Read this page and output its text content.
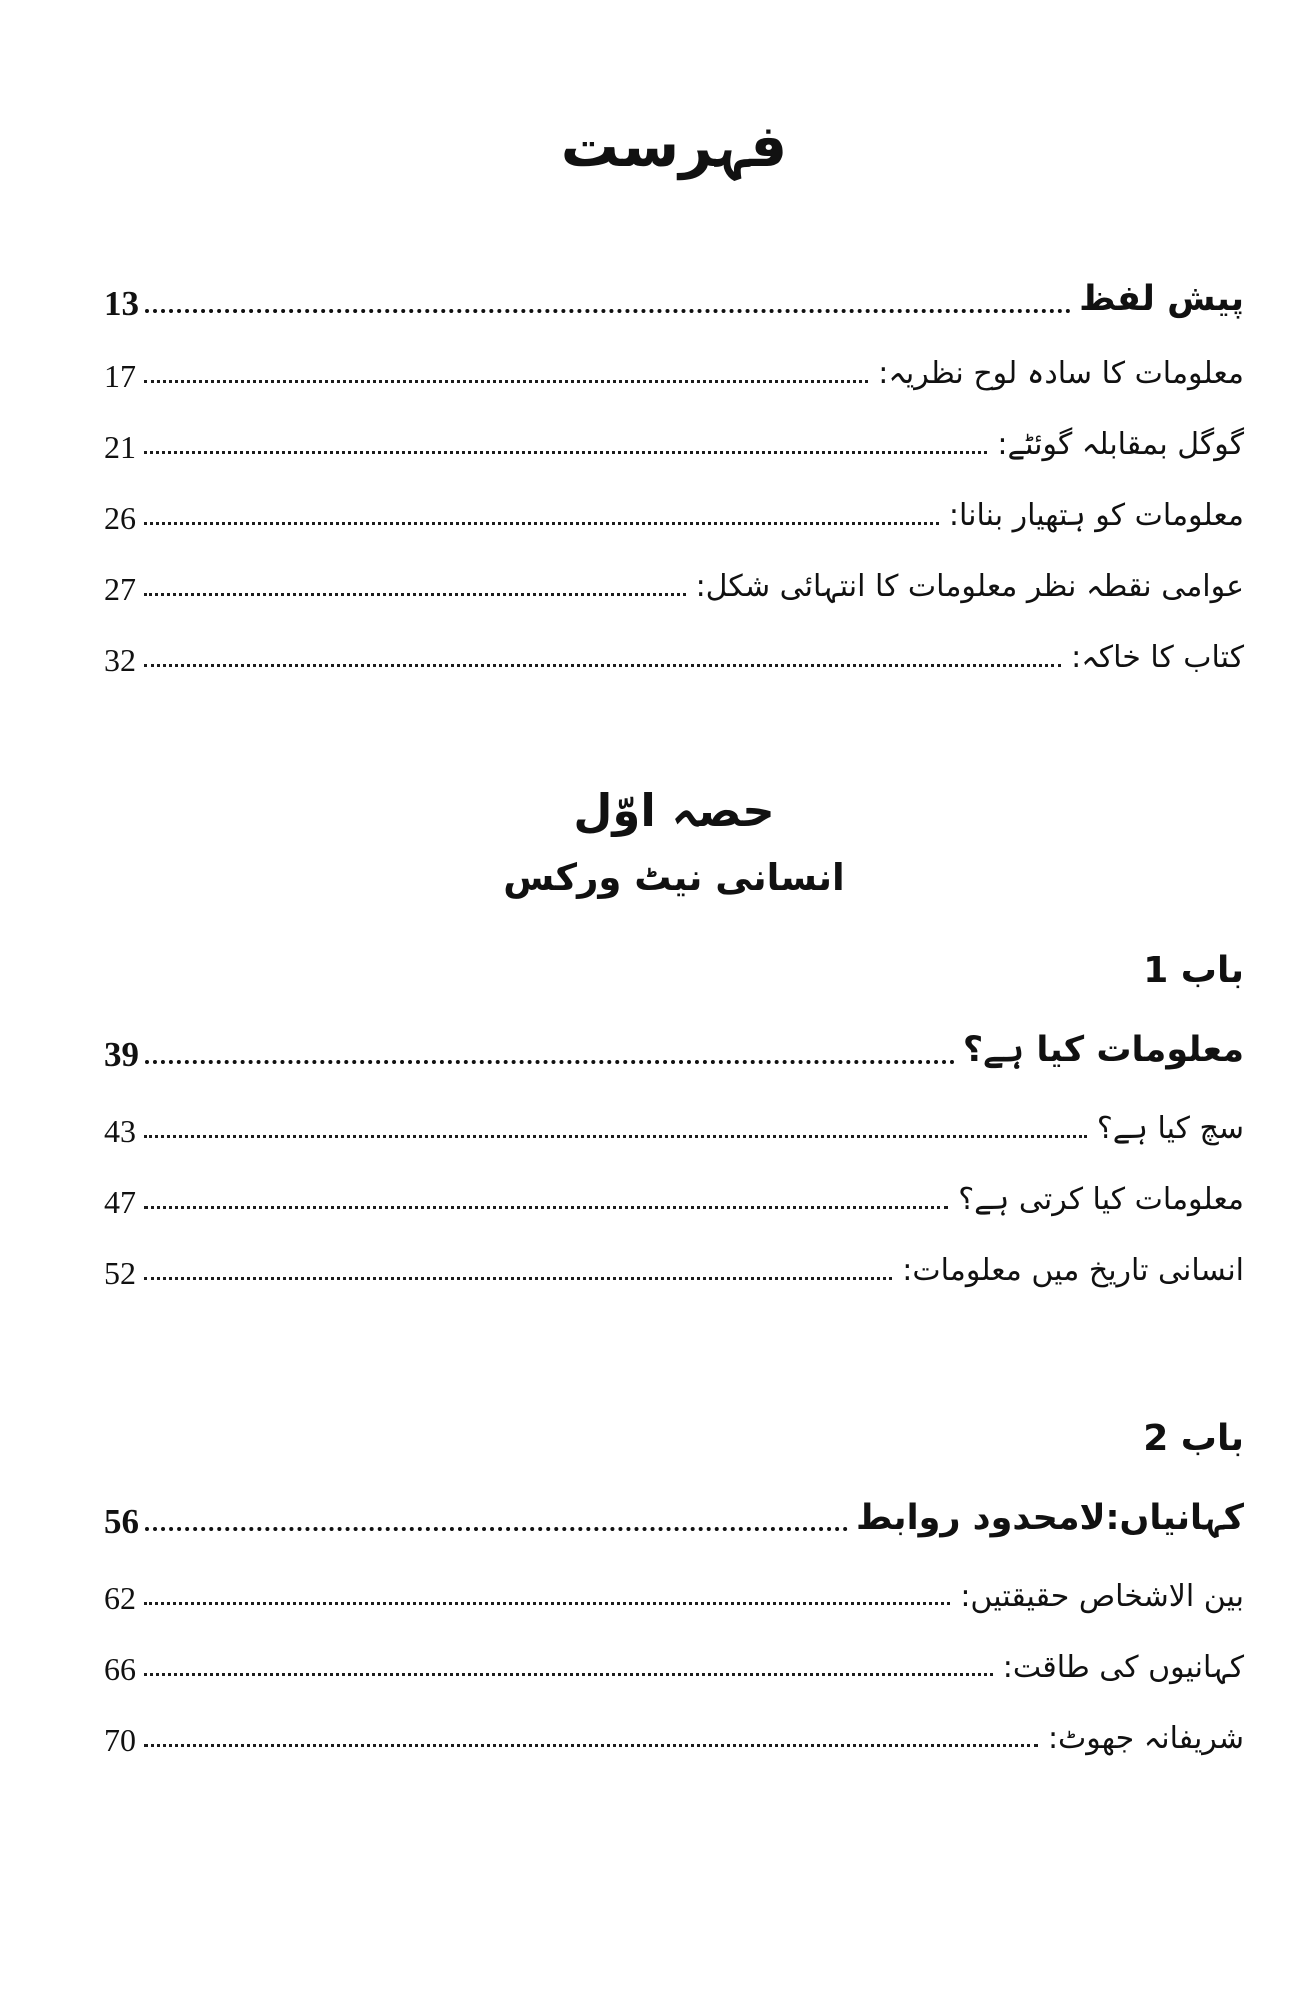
فہرست
پیش لفظ
13
معلومات کا سادہ لوح نظریہ:
17
گوگل بمقابلہ گوئٹے:
21
معلومات کو ہتھیار بنانا:
26
عوامی نقطہ نظر معلومات کا انتہائی شکل:
27
کتاب کا خاکہ:
32
حصہ اوّل
انسانی نیٹ ورکس
باب 1
معلومات کیا ہے؟
39
سچ کیا ہے؟
43
معلومات کیا کرتی ہے؟
47
انسانی تاریخ میں معلومات:
52
باب 2
کہانیاں:لامحدود روابط
56
بین الاشخاص حقیقتیں:
62
کہانیوں کی طاقت:
66
شریفانہ جھوٹ:
70
